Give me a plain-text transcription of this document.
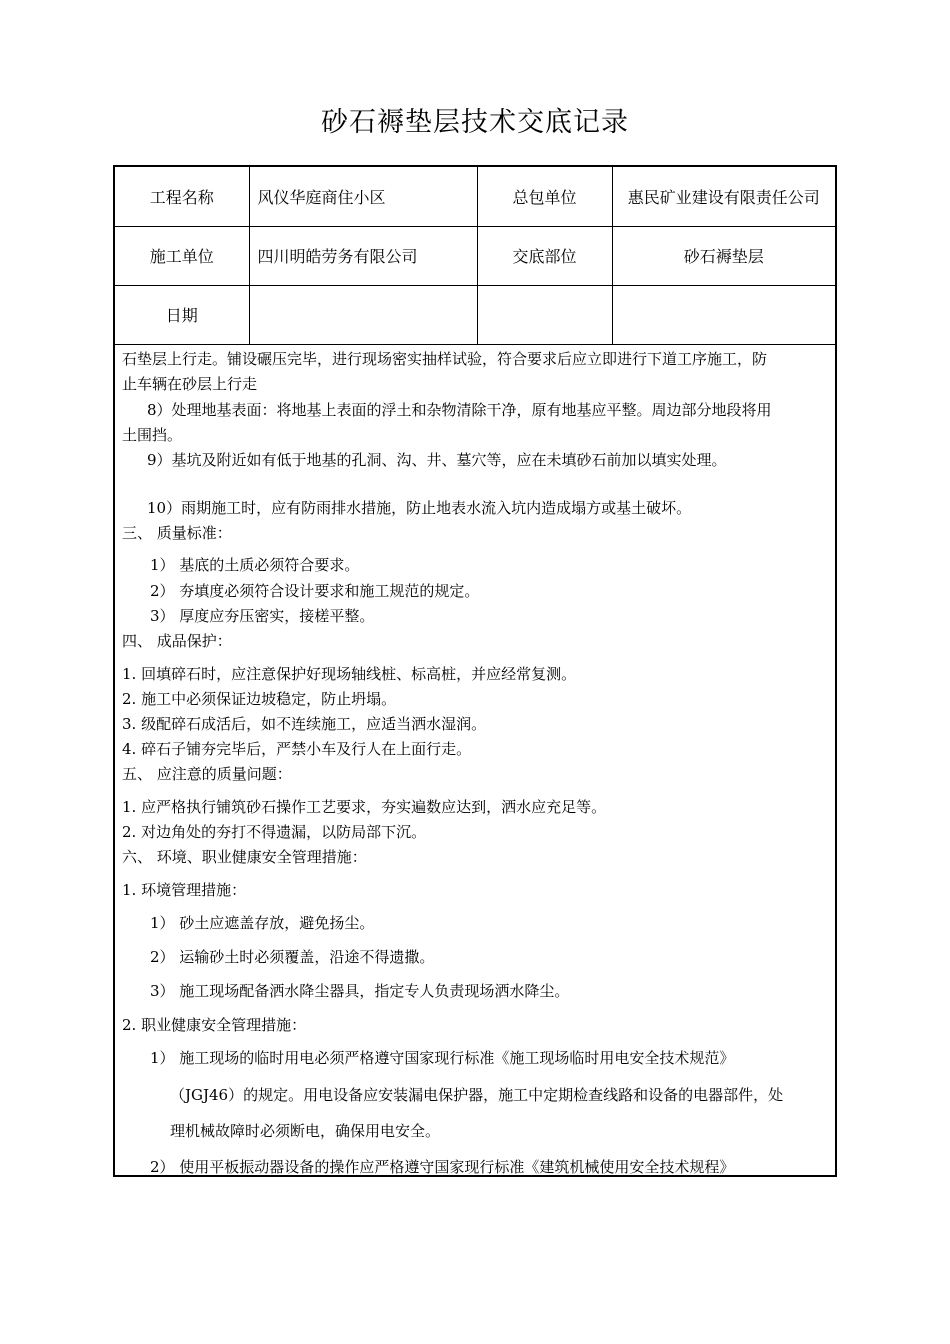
砂石褥垫层技术交底记录
工程名称	风仪华庭商住小区	总包单位	惠民矿业建设有限责任公司
施工单位	四川明皓劳务有限公司	交底部位	砂石褥垫层
日期			
石垫层上行走。铺设碾压完毕，进行现场密实抽样试验，符合要求后应立即进行下道工序施工，防
止车辆在砂层上行走
8）处理地基表面：将地基上表面的浮土和杂物清除干净，原有地基应平整。周边部分地段将用
土围挡。
9）基坑及附近如有低于地基的孔洞、沟、井、墓穴等，应在未填砂石前加以填实处理。
10）雨期施工时，应有防雨排水措施，防止地表水流入坑内造成塌方或基土破坏。
三、 质量标准：
1） 基底的土质必须符合要求。
2） 夯填度必须符合设计要求和施工规范的规定。
3） 厚度应夯压密实，接槎平整。
四、 成品保护：
1. 回填碎石时，应注意保护好现场轴线桩、标高桩，并应经常复测。
2. 施工中必须保证边坡稳定，防止坍塌。
3. 级配碎石成活后，如不连续施工，应适当洒水湿润。
4. 碎石子铺夯完毕后，严禁小车及行人在上面行走。
五、 应注意的质量问题：
1. 应严格执行铺筑砂石操作工艺要求，夯实遍数应达到，洒水应充足等。
2. 对边角处的夯打不得遗漏，以防局部下沉。
六、 环境、职业健康安全管理措施：
1. 环境管理措施：
1） 砂土应遮盖存放，避免扬尘。
2） 运输砂土时必须覆盖，沿途不得遗撒。
3） 施工现场配备洒水降尘器具，指定专人负责现场洒水降尘。
2. 职业健康安全管理措施：
1） 施工现场的临时用电必须严格遵守国家现行标准《施工现场临时用电安全技术规范》
（JGJ46）的规定。用电设备应安装漏电保护器，施工中定期检查线路和设备的电器部件，处
理机械故障时必须断电，确保用电安全。
2） 使用平板振动器设备的操作应严格遵守国家现行标准《建筑机械使用安全技术规程》
